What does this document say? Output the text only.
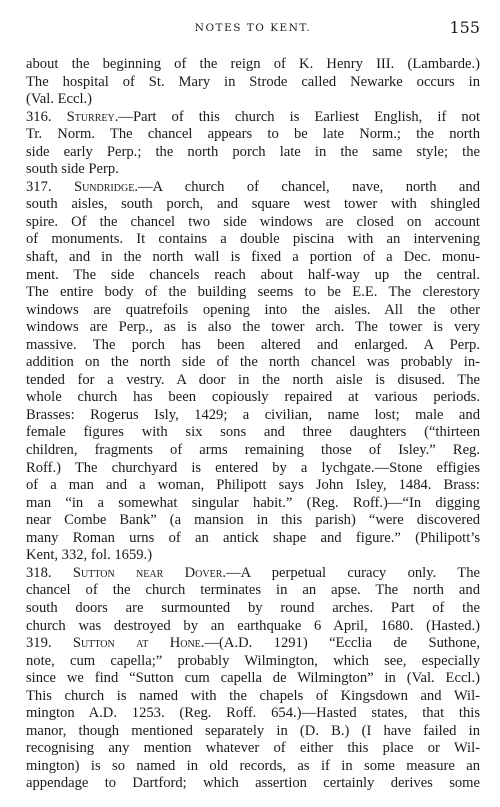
NOTES TO KENT.	155
about the beginning of the reign of K. Henry III. (Lambarde.)
The hospital of St. Mary in Strode called Newarke occurs in
(Val. Eccl.)
316. Sturrey.—Part of this church is Earliest English, if not
Tr. Norm. The chancel appears to be late Norm.; the north
side early Perp.; the north porch late in the same style; the
south side Perp.
317. Sundridge.—A church of chancel, nave, north and
south aisles, south porch, and square west tower with shingled
spire. Of the chancel two side windows are closed on account
of monuments. It contains a double piscina with an intervening
shaft, and in the north wall is fixed a portion of a Dec. monu-
ment. The side chancels reach about half-way up the central.
The entire body of the building seems to be E.E. The clerestory
windows are quatrefoils opening into the aisles. All the other
windows are Perp., as is also the tower arch. The tower is very
massive. The porch has been altered and enlarged. A Perp.
addition on the north side of the north chancel was probably in-
tended for a vestry. A door in the north aisle is disused. The
whole church has been copiously repaired at various periods.
Brasses: Rogerus Isly, 1429; a civilian, name lost; male and
female figures with six sons and three daughters (“thirteen
children, fragments of arms remaining those of Isley.” Reg.
Roff.) The churchyard is entered by a lychgate.—Stone effigies
of a man and a woman, Philipott says John Isley, 1484. Brass:
man “in a somewhat singular habit.” (Reg. Roff.)—“In digging
near Combe Bank” (a mansion in this parish) “were discovered
many Roman urns of an antick shape and figure.” (Philipott’s
Kent, 332, fol. 1659.)
318. Sutton near Dover.—A perpetual curacy only. The
chancel of the church terminates in an apse. The north and
south doors are surmounted by round arches. Part of the
church was destroyed by an earthquake 6 April, 1680. (Hasted.)
319. Sutton at Hone.—(A.D. 1291) “Ecclia de Suthone,
note, cum capella;” probably Wilmington, which see, especially
since we find “Sutton cum capella de Wilmington” in (Val. Eccl.)
This church is named with the chapels of Kingsdown and Wil-
mington A.D. 1253. (Reg. Roff. 654.)—Hasted states, that this
manor, though mentioned separately in (D. B.) (I have failed in
recognising any mention whatever of either this place or Wil-
mington) is so named in old records, as if in some measure an
appendage to Dartford; which assertion certainly derives some
